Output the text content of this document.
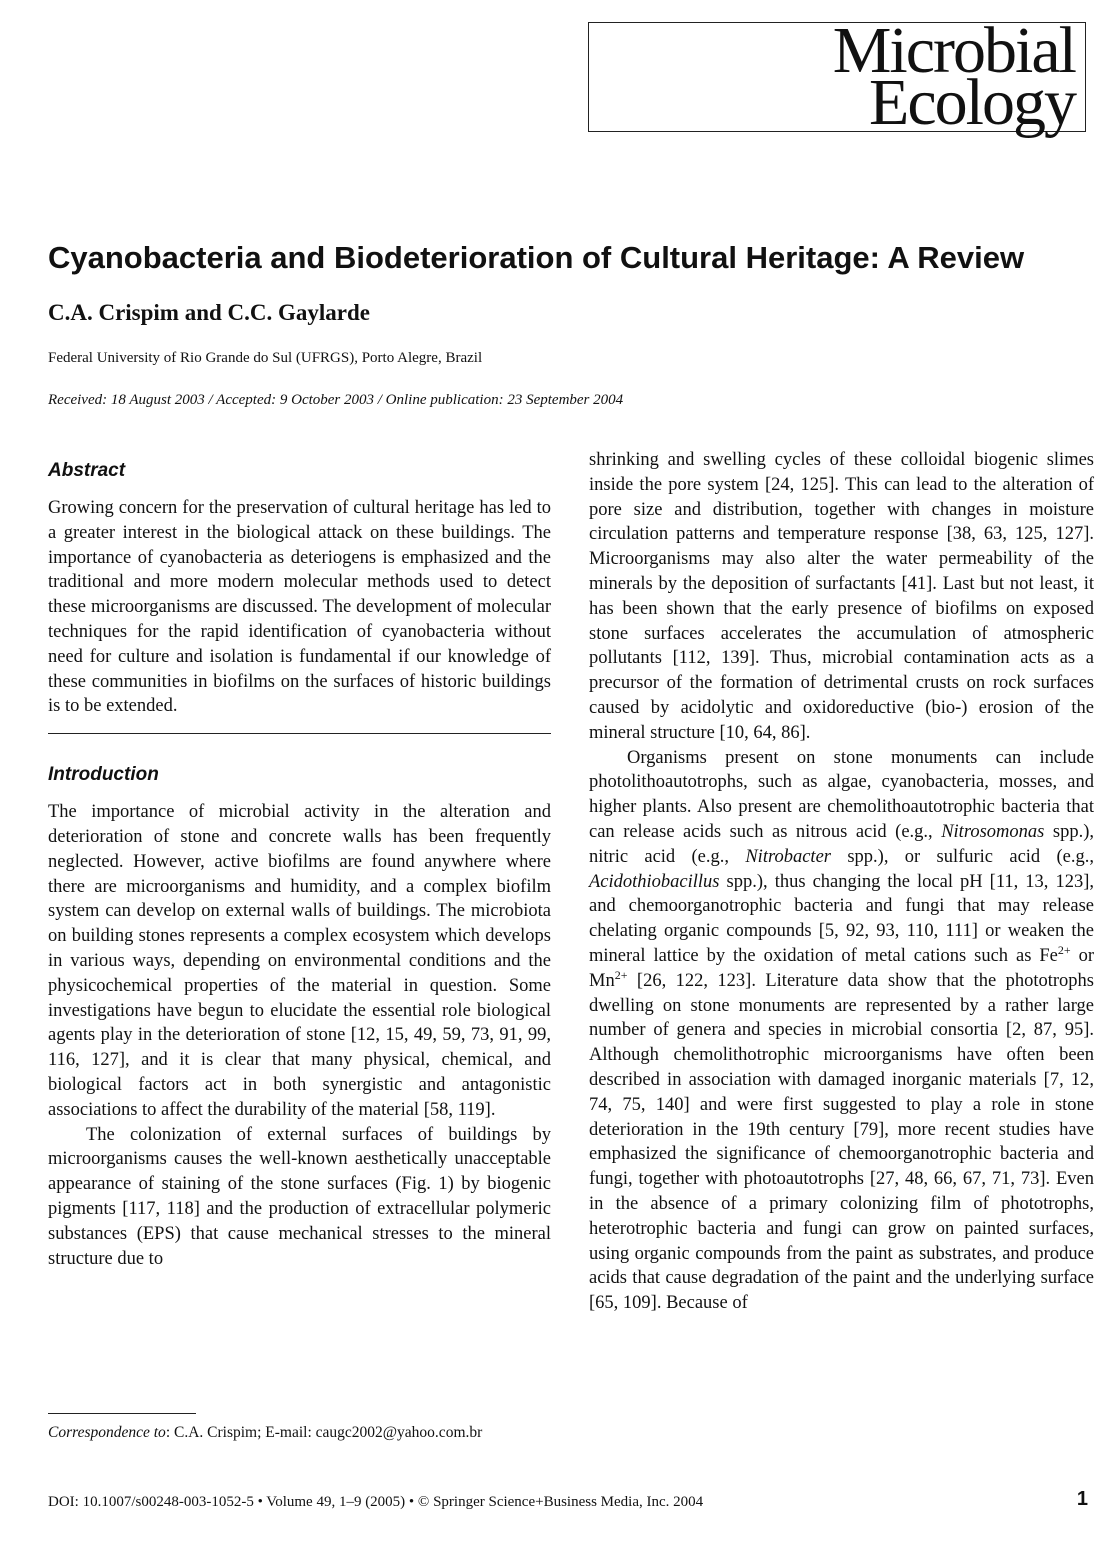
Microbial
Ecology
Cyanobacteria and Biodeterioration of Cultural Heritage: A Review
C.A. Crispim and C.C. Gaylarde
Federal University of Rio Grande do Sul (UFRGS), Porto Alegre, Brazil
Received: 18 August 2003 / Accepted: 9 October 2003 / Online publication: 23 September 2004
Abstract

Growing concern for the preservation of cultural heritage has led to a greater interest in the biological attack on these buildings. The importance of cyanobacteria as deteriogens is emphasized and the traditional and more modern molecular methods used to detect these microorganisms are discussed. The development of molecular techniques for the rapid identification of cyanobacteria without need for culture and isolation is fundamental if our knowledge of these communities in biofilms on the surfaces of historic buildings is to be extended.

Introduction

The importance of microbial activity in the alteration and deterioration of stone and concrete walls has been frequently neglected. However, active biofilms are found anywhere where there are microorganisms and humidity, and a complex biofilm system can develop on external walls of buildings. The microbiota on building stones represents a complex ecosystem which develops in various ways, depending on environmental conditions and the physicochemical properties of the material in question. Some investigations have begun to elucidate the essential role biological agents play in the deterioration of stone [12, 15, 49, 59, 73, 91, 99, 116, 127], and it is clear that many physical, chemical, and biological factors act in both synergistic and antagonistic associations to affect the durability of the material [58, 119].

The colonization of external surfaces of buildings by microorganisms causes the well-known aesthetically unacceptable appearance of staining of the stone surfaces (Fig. 1) by biogenic pigments [117, 118] and the production of extracellular polymeric substances (EPS) that cause mechanical stresses to the mineral structure due to

shrinking and swelling cycles of these colloidal biogenic slimes inside the pore system [24, 125]. This can lead to the alteration of pore size and distribution, together with changes in moisture circulation patterns and temperature response [38, 63, 125, 127]. Microorganisms may also alter the water permeability of the minerals by the deposition of surfactants [41]. Last but not least, it has been shown that the early presence of biofilms on exposed stone surfaces accelerates the accumulation of atmospheric pollutants [112, 139]. Thus, microbial contamination acts as a precursor of the formation of detrimental crusts on rock surfaces caused by acidolytic and oxidoreductive (bio-) erosion of the mineral structure [10, 64, 86].

Organisms present on stone monuments can include photolithoautotrophs, such as algae, cyanobacteria, mosses, and higher plants. Also present are chemolithoautotrophic bacteria that can release acids such as nitrous acid (e.g., Nitrosomonas spp.), nitric acid (e.g., Nitrobacter spp.), or sulfuric acid (e.g., Acidothiobacillus spp.), thus changing the local pH [11, 13, 123], and chemoorganotrophic bacteria and fungi that may release chelating organic compounds [5, 92, 93, 110, 111] or weaken the mineral lattice by the oxidation of metal cations such as $Fe^{2+}$ or $Mn^{2+}$ [26, 122, 123]. Literature data show that the phototrophs dwelling on stone monuments are represented by a rather large number of genera and species in microbial consortia [2, 87, 95]. Although chemolithotrophic microorganisms have often been described in association with damaged inorganic materials [7, 12, 74, 75, 140] and were first suggested to play a role in stone deterioration in the 19th century [79], more recent studies have emphasized the significance of chemoorganotrophic bacteria and fungi, together with photoautotrophs [27, 48, 66, 67, 71, 73]. Even in the absence of a primary colonizing film of phototrophs, heterotrophic bacteria and fungi can grow on painted surfaces, using organic compounds from the paint as substrates, and produce acids that cause degradation of the paint and the underlying surface [65, 109]. Because of

Correspondence to: C.A. Crispim; E-mail: caugc2002@yahoo.com.br
DOI: 10.1007/s00248-003-1052-5 • Volume 49, 1–9 (2005) • © Springer Science+Business Media, Inc. 2004	1
